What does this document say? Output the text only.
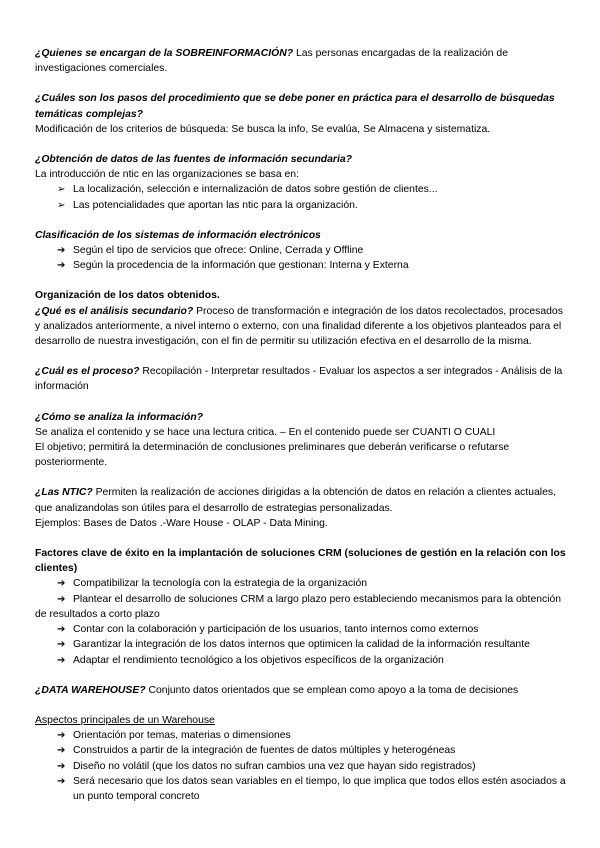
¿Quienes se encargan de la SOBREINFORMACIÓN? Las personas encargadas de la realización de investigaciones comerciales.

¿Cuáles son los pasos del procedimiento que se debe poner en práctica para el desarrollo de búsquedas temáticas complejas?

Modificación de los criterios de búsqueda: Se busca la info, Se evalúa, Se Almacena y sistematiza.

¿Obtención de datos de las fuentes de información secundaria?

La introducción de ntic en las organizaciones se basa en:

➢ La localización, selección e internalización de datos sobre gestión de clientes...
➢ Las potencialidades que aportan las ntic para la organización.

Clasificación de los sistemas de información electrónicos

➔ Según el tipo de servicios que ofrece: Online, Cerrada y Offline
➔ Según la procedencia de la información que gestionan: Interna y Externa

Organización de los datos obtenidos.

¿Qué es el análisis secundario? Proceso de transformación e integración de los datos recolectados, procesados y analizados anteriormente, a nivel interno o externo, con una finalidad diferente a los objetivos planteados para el desarrollo de nuestra investigación, con el fin de permitir su utilización efectiva en el desarrollo de la misma.

¿Cuál es el proceso? Recopilación - Interpretar resultados - Evaluar los aspectos a ser integrados - Análisis de la información

¿Cómo se analiza la información?

Se analiza el contenido y se hace una lectura critica. – En el contenido puede ser CUANTI O CUALI

El objetivo; permitirá la determinación de conclusiones preliminares que deberán verificarse o refutarse posteriormente.

¿Las NTIC? Permiten la realización de acciones dirigidas a la obtención de datos en relación a clientes actuales, que analizandolas son útiles para el desarrollo de estrategias personalizadas.

Ejemplos: Bases de Datos .-Ware House - OLAP - Data Mining.

Factores clave de éxito en la implantación de soluciones CRM (soluciones de gestión en la relación con los clientes)

➔ Compatibilizar la tecnología con la estrategia de la organización
➔ Plantear el desarrollo de soluciones CRM a largo plazo pero estableciendo mecanismos para la obtención de resultados a corto plazo
➔ Contar con la colaboración y participación de los usuarios, tanto internos como externos
➔ Garantizar la integración de los datos internos que optimicen la calidad de la información resultante
➔ Adaptar el rendimiento tecnológico a los objetivos específicos de la organización

¿DATA WAREHOUSE? Conjunto datos orientados que se emplean como apoyo a la toma de decisiones

Aspectos principales de un Warehouse

➔ Orientación por temas, materias o dimensiones
➔ Construidos a partir de la integración de fuentes de datos múltiples y heterogéneas
➔ Diseño no volátil (que los datos no sufran cambios una vez que hayan sido registrados)
➔ Será necesario que los datos sean variables en el tiempo, lo que implica que todos ellos estén asociados a un punto temporal concreto
